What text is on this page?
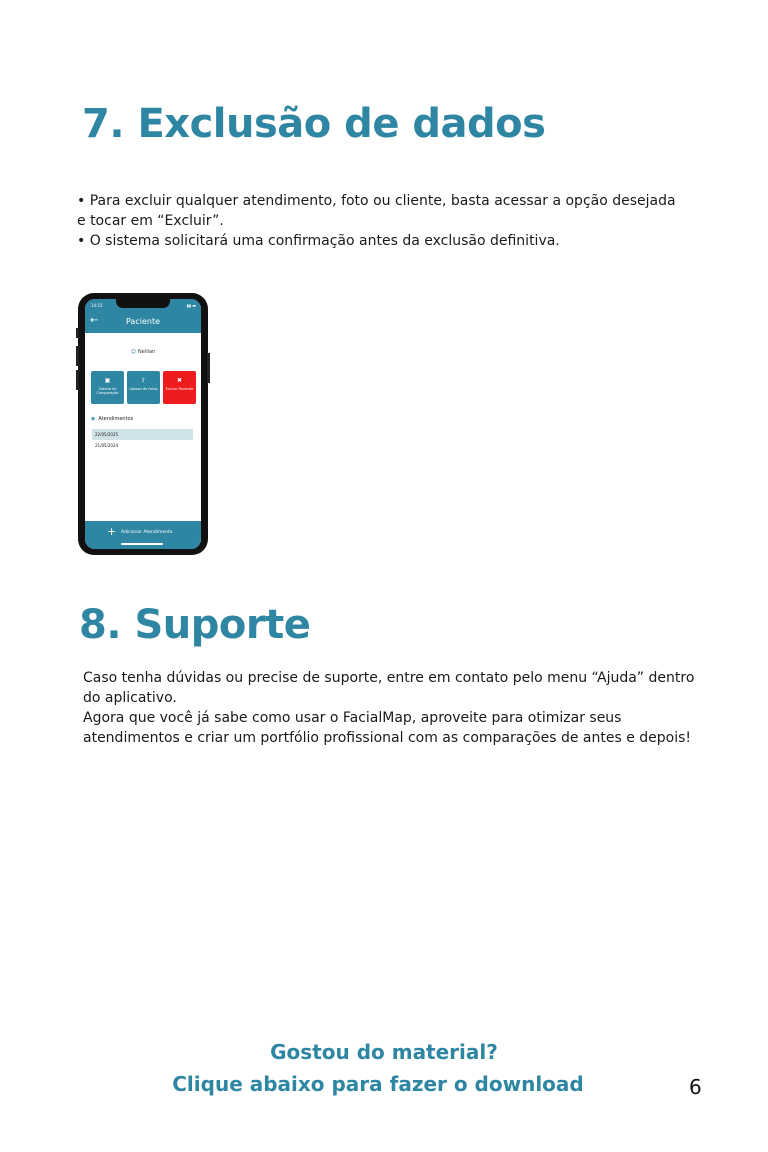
7. Exclusão de dados

• Para excluir qualquer atendimento, foto ou cliente, basta acessar a opção desejada e tocar em “Excluir”.

• O sistema solicitará uma confirmação antes da exclusão definitiva.

14:15	▮▮ ▬
←	Paciente
☺ Neilian
▣
Galeria de Comparação
⇧
Upload de Fotos
✖
Excluir Paciente
◉ Atendimentos
22/05/2025
21/05/2024
+ Adicionar Atendimento
8. Suporte

Caso tenha dúvidas ou precise de suporte, entre em contato pelo menu “Ajuda” dentro do aplicativo.

Agora que você já sabe como usar o FacialMap, aproveite para otimizar seus atendimentos e criar um portfólio profissional com as comparações de antes e depois!

Gostou do material?
Clique abaixo para fazer o download	6
